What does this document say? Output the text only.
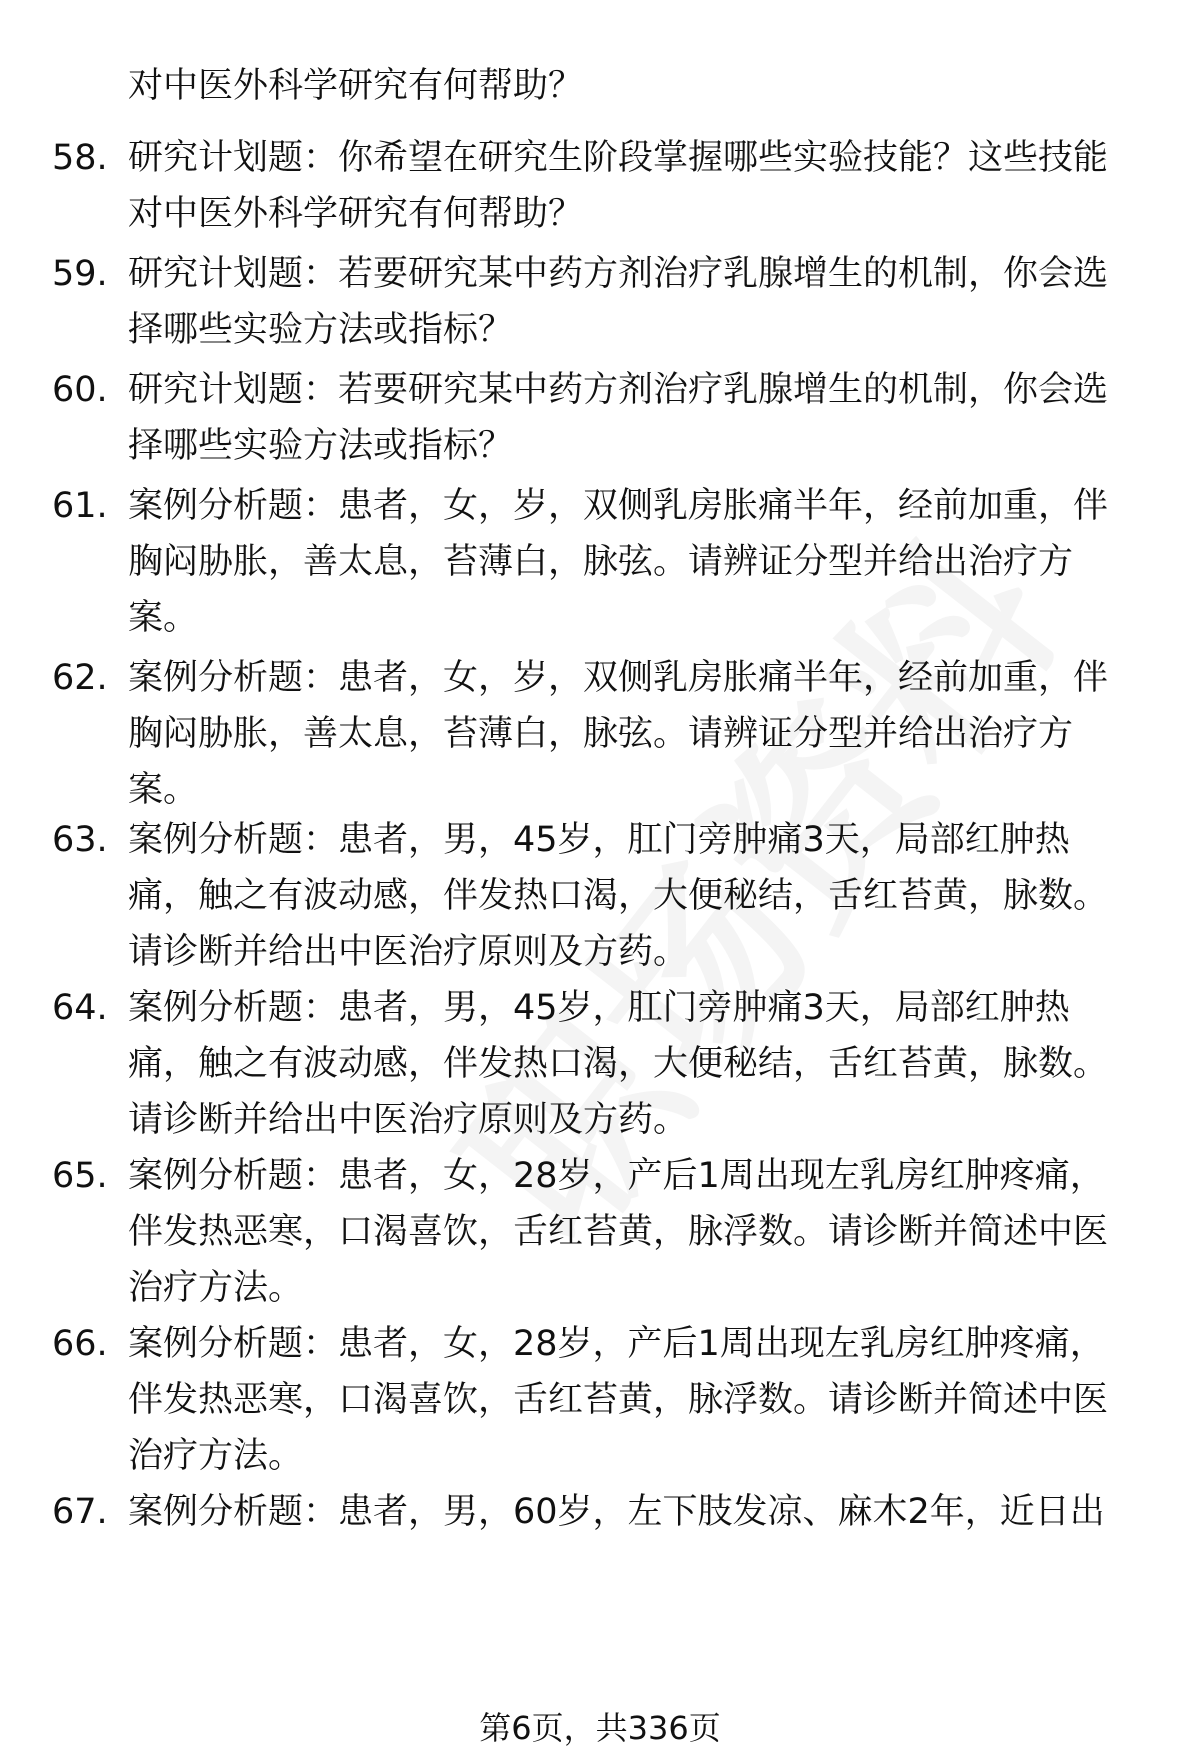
对中医外科学研究有何帮助？
58. 研究计划题：你希望在研究生阶段掌握哪些实验技能？这些技能
对中医外科学研究有何帮助？
59. 研究计划题：若要研究某中药方剂治疗乳腺增生的机制，你会选
择哪些实验方法或指标？
60. 研究计划题：若要研究某中药方剂治疗乳腺增生的机制，你会选
择哪些实验方法或指标？
61. 案例分析题：患者，女，岁，双侧乳房胀痛半年，经前加重，伴
胸闷胁胀，善太息，苔薄白，脉弦。请辨证分型并给出治疗方
案。
62. 案例分析题：患者，女，岁，双侧乳房胀痛半年，经前加重，伴
胸闷胁胀，善太息，苔薄白，脉弦。请辨证分型并给出治疗方
案。
63. 案例分析题：患者，男，45岁，肛门旁肿痛3天，局部红肿热
痛，触之有波动感，伴发热口渴，大便秘结，舌红苔黄，脉数。
请诊断并给出中医治疗原则及方药。
64. 案例分析题：患者，男，45岁，肛门旁肿痛3天，局部红肿热
痛，触之有波动感，伴发热口渴，大便秘结，舌红苔黄，脉数。
请诊断并给出中医治疗原则及方药。
65. 案例分析题：患者，女，28岁，产后1周出现左乳房红肿疼痛，
伴发热恶寒，口渴喜饮，舌红苔黄，脉浮数。请诊断并简述中医
治疗方法。
66. 案例分析题：患者，女，28岁，产后1周出现左乳房红肿疼痛，
伴发热恶寒，口渴喜饮，舌红苔黄，脉浮数。请诊断并简述中医
治疗方法。
67. 案例分析题：患者，男，60岁，左下肢发凉、麻木2年，近日出
第6页，共336页
